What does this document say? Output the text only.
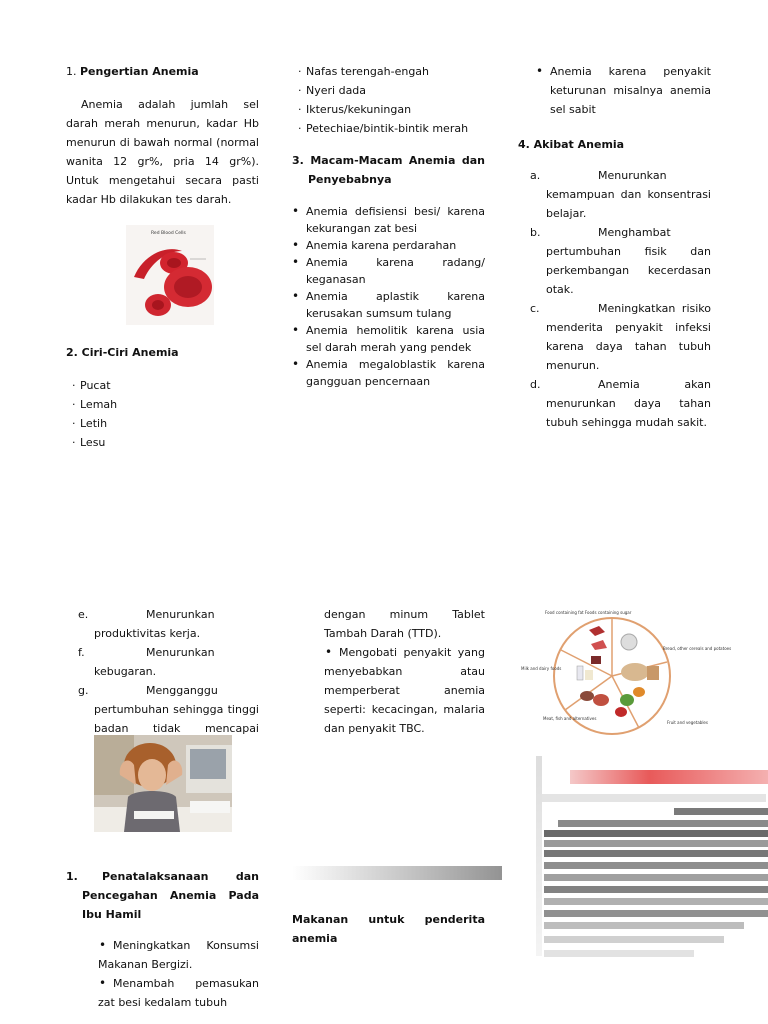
1. Pengertian Anemia

Anemia adalah jumlah sel darah merah menurun, kadar Hb menurun di bawah normal (normal wanita 12 gr%, pria 14 gr%). Untuk mengetahui secara pasti kadar Hb dilakukan tes darah.

Red Blood Cells

2. Ciri-Ciri Anemia

· Pucat
· Lemah
· Letih
· Lesu
· Nafas terengah-engah
· Nyeri dada
· Ikterus/kekuningan
· Petechiae/bintik-bintik merah

3. Macam-Macam Anemia dan Penyebabnya

• Anemia defisiensi besi/ karena kekurangan zat besi
• Anemia karena perdarahan
• Anemia karena radang/ keganasan
• Anemia aplastik karena kerusakan sumsum tulang
• Anemia hemolitik karena usia sel darah merah yang pendek
• Anemia megaloblastik karena gangguan pencernaan
• Anemia karena penyakit keturunan misalnya anemia sel sabit

4. Akibat Anemia

a.	Menurunkan kemampuan dan konsentrasi belajar.
b.	Menghambat pertumbuhan fisik dan perkembangan kecerdasan otak.
c.	Meningkatkan risiko menderita penyakit infeksi karena daya tahan tubuh menurun.
d.	Anemia akan menurunkan daya tahan tubuh sehingga mudah sakit.
e.	Menurunkan produktivitas kerja.
f.	Menurunkan kebugaran.
g.	Mengganggu pertumbuhan sehingga tinggi badan tidak mencapai

1.	Penatalaksanaan dan Pencegahan Anemia Pada Ibu Hamil

• Meningkatkan Konsumsi Makanan Bergizi.
• Menambah pemasukan zat besi kedalam tubuh

dengan minum Tablet Tambah Darah (TTD).

• Mengobati penyakit yang menyebabkan atau memperberat anemia seperti: kecacingan, malaria dan penyakit TBC.

Makanan untuk penderita anemia

Food containing fat Foods containing sugar
Bread, other cereals and potatoes
Milk and dairy foods
Meat, fish and alternatives
Fruit and vegetables
